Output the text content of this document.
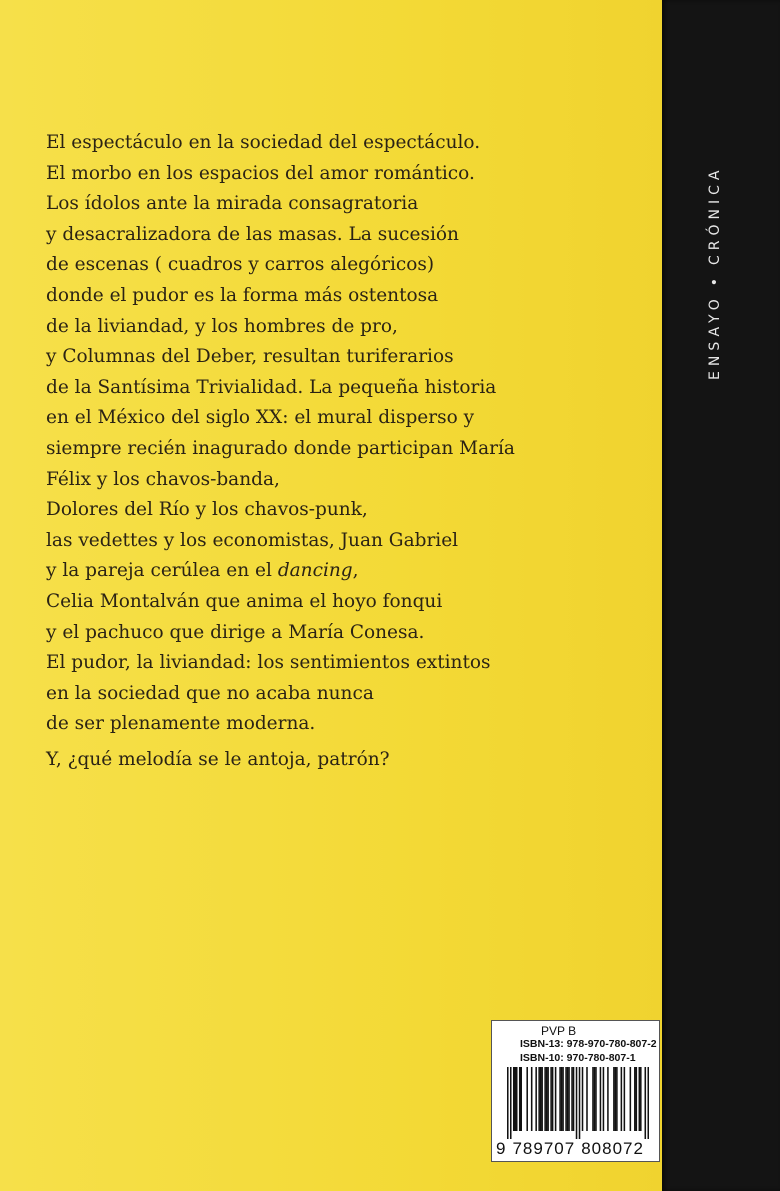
El espectáculo en la sociedad del espectáculo.
El morbo en los espacios del amor romántico.
Los ídolos ante la mirada consagratoria
y desacralizadora de las masas. La sucesión
de escenas ( cuadros y carros alegóricos)
donde el pudor es la forma más ostentosa
de la liviandad, y los hombres de pro,
y Columnas del Deber, resultan turiferarios
de la Santísima Trivialidad. La pequeña historia
en el México del siglo XX: el mural disperso y
siempre recién inagurado donde participan María
Félix y los chavos-banda,
Dolores del Río y los chavos-punk,
las vedettes y los economistas, Juan Gabriel
y la pareja cerúlea en el dancing,
Celia Montalván que anima el hoyo fonqui
y el pachuco que dirige a María Conesa.
El pudor, la liviandad: los sentimientos extintos
en la sociedad que no acaba nunca
de ser plenamente moderna.
Y, ¿qué melodía se le antoja, patrón?
ENSAYO•CRÓNICA
PVP B
ISBN-13: 978-970-780-807-2
ISBN-10: 970-780-807-1
9 789707 808072
